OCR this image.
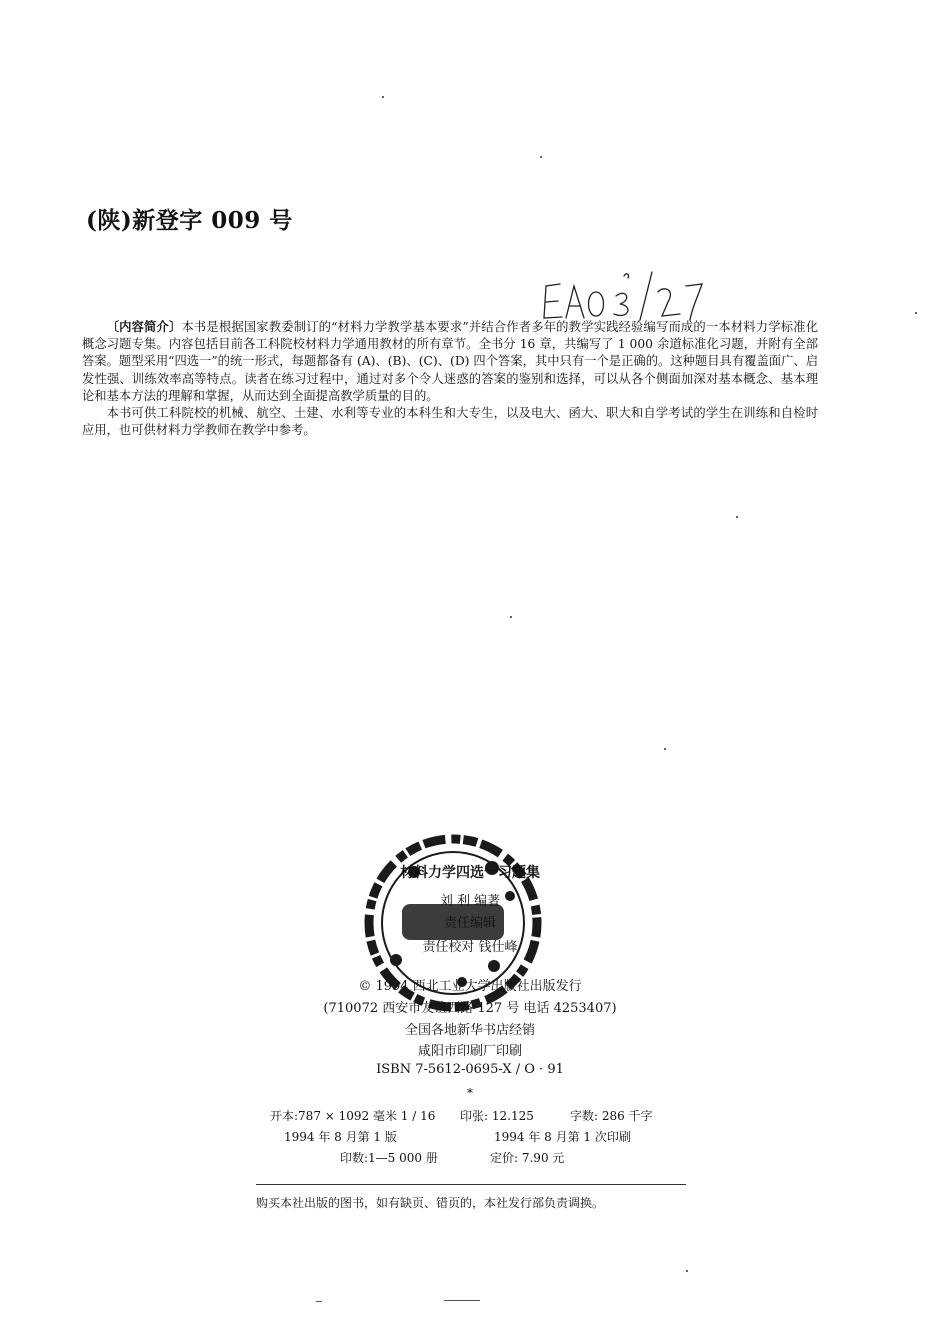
(陕)新登字 009 号
EA03 b7

〔内容简介〕本书是根据国家教委制订的“材料力学教学基本要求”并结合作者多年的教学实践经验编写而成的一本材料力学标准化概念习题专集。内容包括目前各工科院校材料力学通用教材的所有章节。全书分 16 章，共编写了 1 000 余道标准化习题，并附有全部答案。题型采用“四选一”的统一形式，每题都备有 (A)、(B)、(C)、(D) 四个答案，其中只有一个是正确的。这种题目具有覆盖面广、启发性强、训练效率高等特点。读者在练习过程中，通过对多个令人迷惑的答案的鉴别和选择，可以从各个侧面加深对基本概念、基本理论和基本方法的理解和掌握，从而达到全面提高教学质量的目的。

本书可供工科院校的机械、航空、土建、水利等专业的本科生和大专生，以及电大、函大、职大和自学考试的学生在训练和自检时应用，也可供材料力学教师在教学中参考。

材料力学四选一习题集
刘 利 编著
责任编辑
责任校对 钱仕峰
© 1994 西北工业大学出版社出版发行
(710072 西安市友谊西路 127 号 电话 4253407)
全国各地新华书店经销
咸阳市印刷厂印刷
ISBN 7-5612-0695-X / O · 91
*
开本:787 × 1092 毫米 1 / 16	印张: 12.125	字数: 286 千字
1994 年 8 月第 1 版	1994 年 8 月第 1 次印刷
印数:1—5 000 册	定价: 7.90 元
购买本社出版的图书，如有缺页、错页的，本社发行部负责调换。
